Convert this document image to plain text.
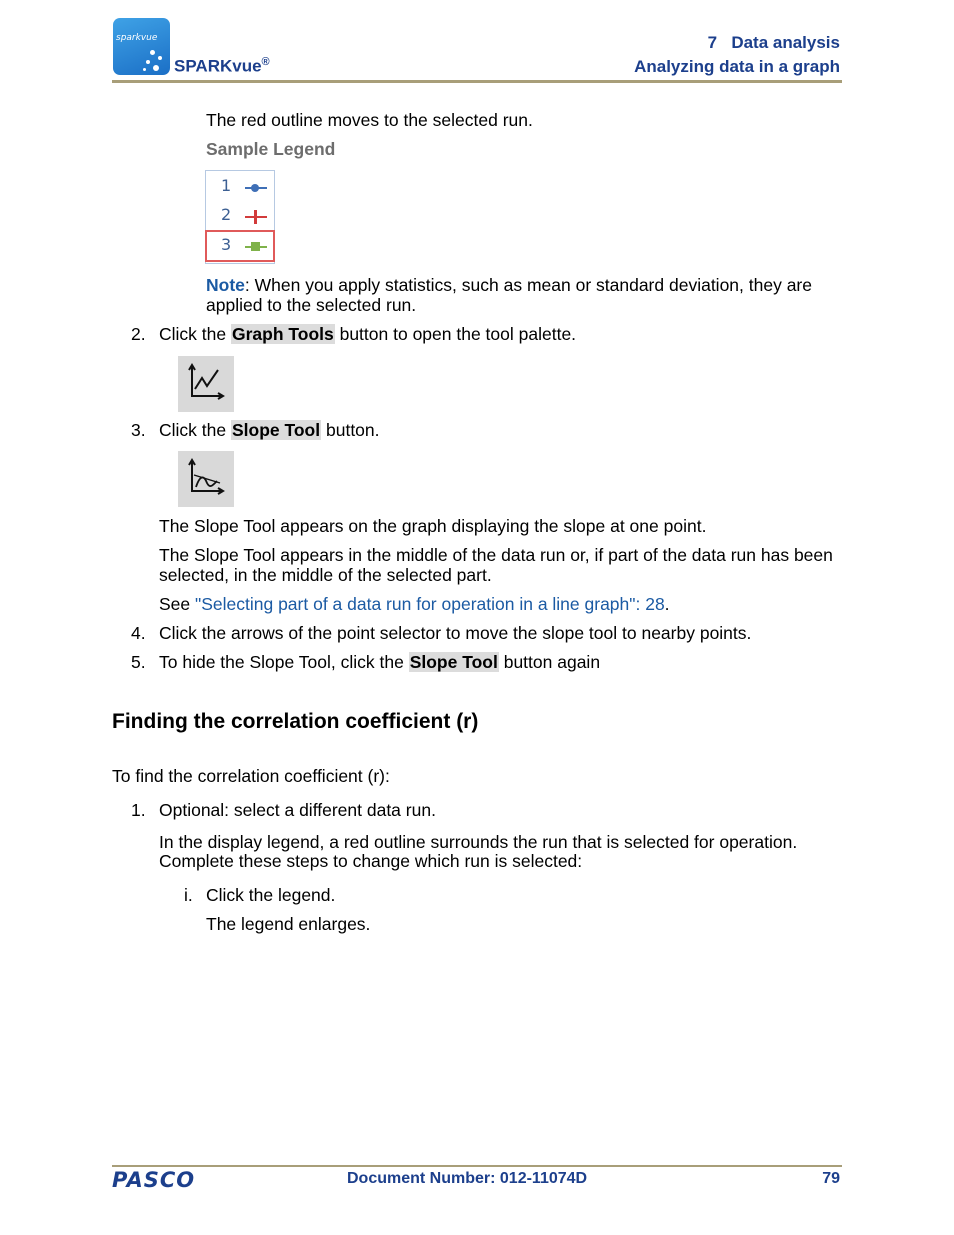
sparkvue
SPARKvue®
7 Data analysis
Analyzing data in a graph
The red outline moves to the selected run.
Sample Legend
1
2
3
Note: When you apply statistics, such as mean or standard deviation, they are applied to the selected run.
2. Click the Graph Tools button to open the tool palette.
3. Click the Slope Tool button.
The Slope Tool appears on the graph displaying the slope at one point.
The Slope Tool appears in the middle of the data run or, if part of the data run has been selected, in the middle of the selected part.
See "Selecting part of a data run for operation in a line graph": 28.
4. Click the arrows of the point selector to move the slope tool to nearby points.
5. To hide the Slope Tool, click the Slope Tool button again
Finding the correlation coefficient (r)
To find the correlation coefficient (r):
1. Optional: select a different data run.
In the display legend, a red outline surrounds the run that is selected for operation. Complete these steps to change which run is selected:
i. Click the legend.
The legend enlarges.
PASCO	Document Number: 012-11074D	79
